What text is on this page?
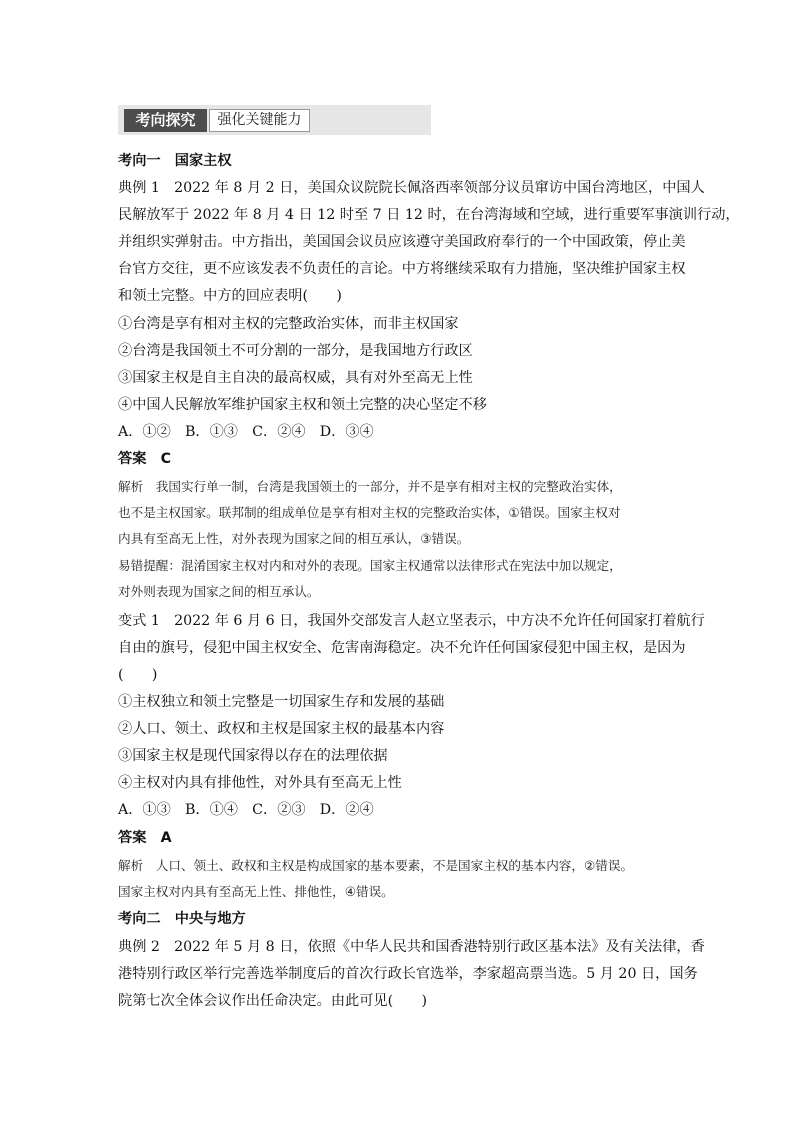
考向探究	强化关键能力
考向一　国家主权
典例 1　2022 年 8 月 2 日，美国众议院院长佩洛西率领部分议员窜访中国台湾地区，中国人
民解放军于 2022 年 8 月 4 日 12 时至 7 日 12 时，在台湾海域和空域，进行重要军事演训行动，
并组织实弹射击。中方指出，美国国会议员应该遵守美国政府奉行的一个中国政策，停止美
台官方交往，更不应该发表不负责任的言论。中方将继续采取有力措施，坚决维护国家主权
和领土完整。中方的回应表明(　　)
①台湾是享有相对主权的完整政治实体，而非主权国家
②台湾是我国领土不可分割的一部分，是我国地方行政区
③国家主权是自主自决的最高权威，具有对外至高无上性
④中国人民解放军维护国家主权和领土完整的决心坚定不移
A．①②　B．①③　C．②④　D．③④
答案　C
解析　我国实行单一制，台湾是我国领土的一部分，并不是享有相对主权的完整政治实体，
也不是主权国家。联邦制的组成单位是享有相对主权的完整政治实体，①错误。国家主权对
内具有至高无上性，对外表现为国家之间的相互承认，③错误。
易错提醒：混淆国家主权对内和对外的表现。国家主权通常以法律形式在宪法中加以规定，
对外则表现为国家之间的相互承认。
变式 1　2022 年 6 月 6 日，我国外交部发言人赵立坚表示，中方决不允许任何国家打着航行
自由的旗号，侵犯中国主权安全、危害南海稳定。决不允许任何国家侵犯中国主权，是因为
(　　)
①主权独立和领土完整是一切国家生存和发展的基础
②人口、领土、政权和主权是国家主权的最基本内容
③国家主权是现代国家得以存在的法理依据
④主权对内具有排他性，对外具有至高无上性
A．①③　B．①④　C．②③　D．②④
答案　A
解析　人口、领土、政权和主权是构成国家的基本要素，不是国家主权的基本内容，②错误。
国家主权对内具有至高无上性、排他性，④错误。
考向二　中央与地方
典例 2　2022 年 5 月 8 日，依照《中华人民共和国香港特别行政区基本法》及有关法律，香
港特别行政区举行完善选举制度后的首次行政长官选举，李家超高票当选。5 月 20 日，国务
院第七次全体会议作出任命决定。由此可见(　　)
